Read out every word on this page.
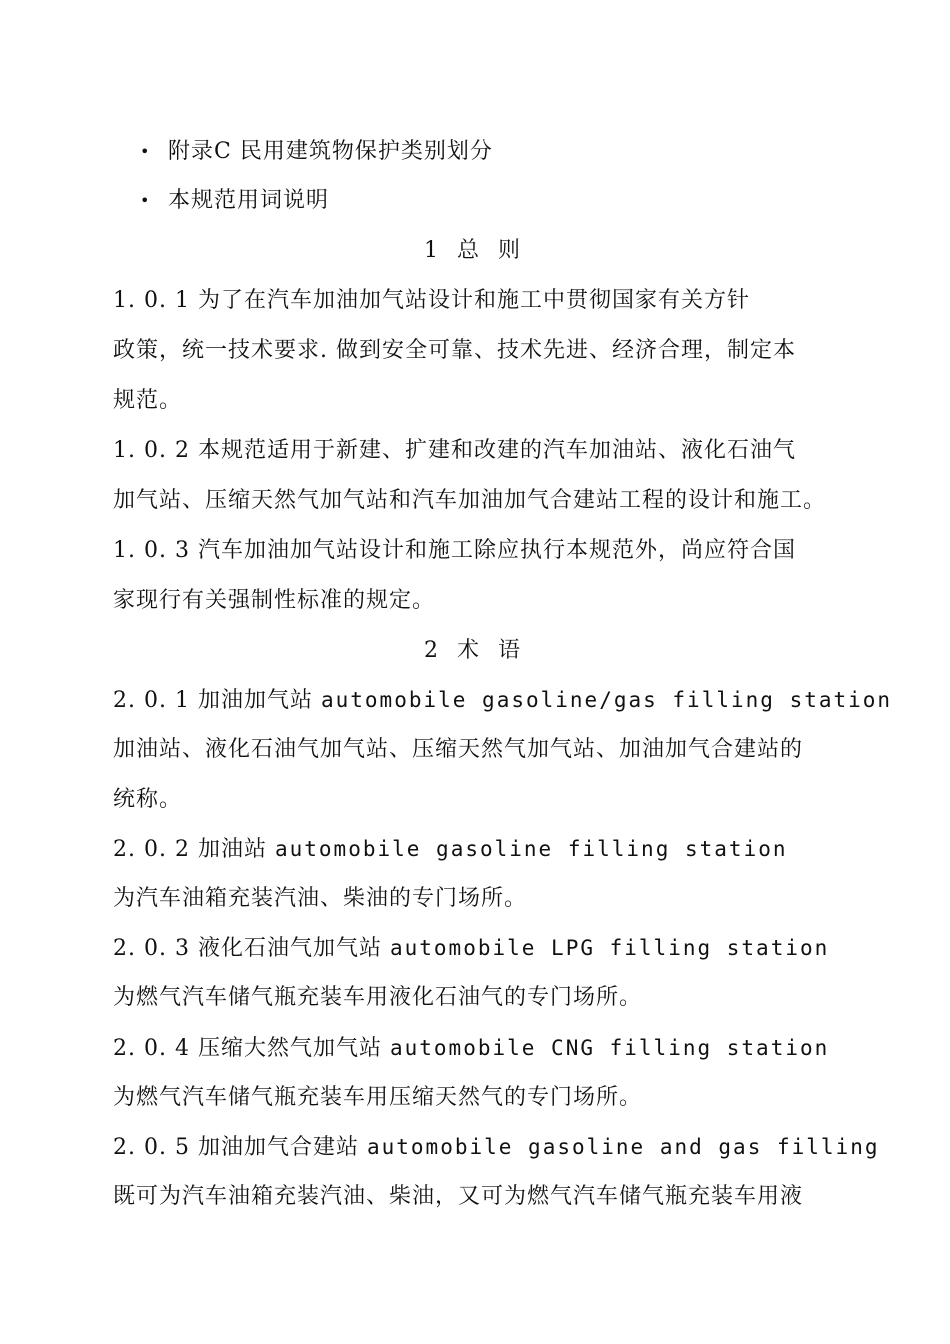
• 附录C 民用建筑物保护类别划分
• 本规范用词说明
1 总 则
1. 0. 1 为了在汽车加油加气站设计和施工中贯彻国家有关方针
政策，统一技术要求. 做到安全可靠、技术先进、经济合理，制定本
规范。
1. 0. 2 本规范适用于新建、扩建和改建的汽车加油站、液化石油气
加气站、压缩天然气加气站和汽车加油加气合建站工程的设计和施工。
1. 0. 3 汽车加油加气站设计和施工除应执行本规范外，尚应符合国
家现行有关强制性标准的规定。
2 术 语
2. 0. 1 加油加气站 automobile gasoline/gas filling station
加油站、液化石油气加气站、压缩天然气加气站、加油加气合建站的
统称。
2. 0. 2 加油站 automobile gasoline filling station
为汽车油箱充装汽油、柴油的专门场所。
2. 0. 3 液化石油气加气站 automobile LPG filling station
为燃气汽车储气瓶充装车用液化石油气的专门场所。
2. 0. 4 压缩大然气加气站 automobile CNG filling station
为燃气汽车储气瓶充装车用压缩天然气的专门场所。
2. 0. 5 加油加气合建站 automobile gasoline and gas filling
既可为汽车油箱充装汽油、柴油，又可为燃气汽车储气瓶充装车用液
